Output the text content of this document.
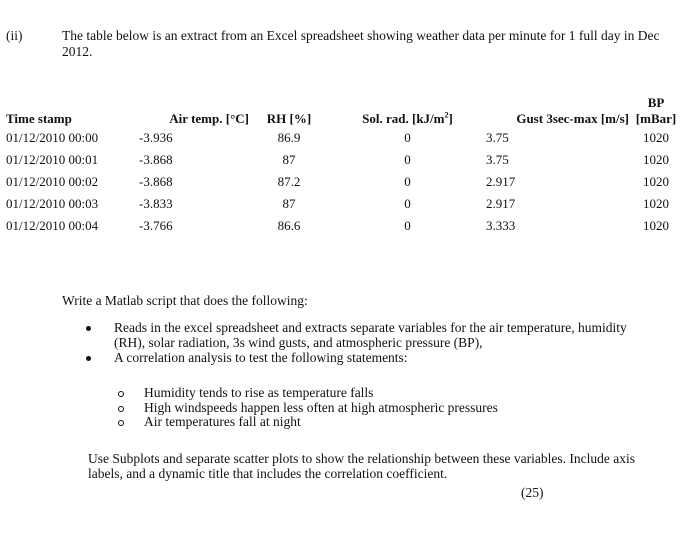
(ii)	The table below is an extract from an Excel spreadsheet showing weather data per minute for 1 full day in Dec 2012.
Time stamp	Air temp. [°C]	RH [%]	Sol. rad. $[kJ/m^2]$	Gust 3sec-max [m/s]	BP
[mBar]

01/12/2010 00:00	-3.936	86.9	0	3.75	1020
01/12/2010 00:01	-3.868	87	0	3.75	1020
01/12/2010 00:02	-3.868	87.2	0	2.917	1020
01/12/2010 00:03	-3.833	87	0	2.917	1020
01/12/2010 00:04	-3.766	86.6	0	3.333	1020
Write a Matlab script that does the following:
Reads in the excel spreadsheet and extracts separate variables for the air temperature, humidity (RH), solar radiation, 3s wind gusts, and atmospheric pressure (BP),
A correlation analysis to test the following statements:
Humidity tends to rise as temperature falls
High windspeeds happen less often at high atmospheric pressures
Air temperatures fall at night
Use Subplots and separate scatter plots to show the relationship between these variables. Include axis labels, and a dynamic title that includes the correlation coefficient.
(25)
